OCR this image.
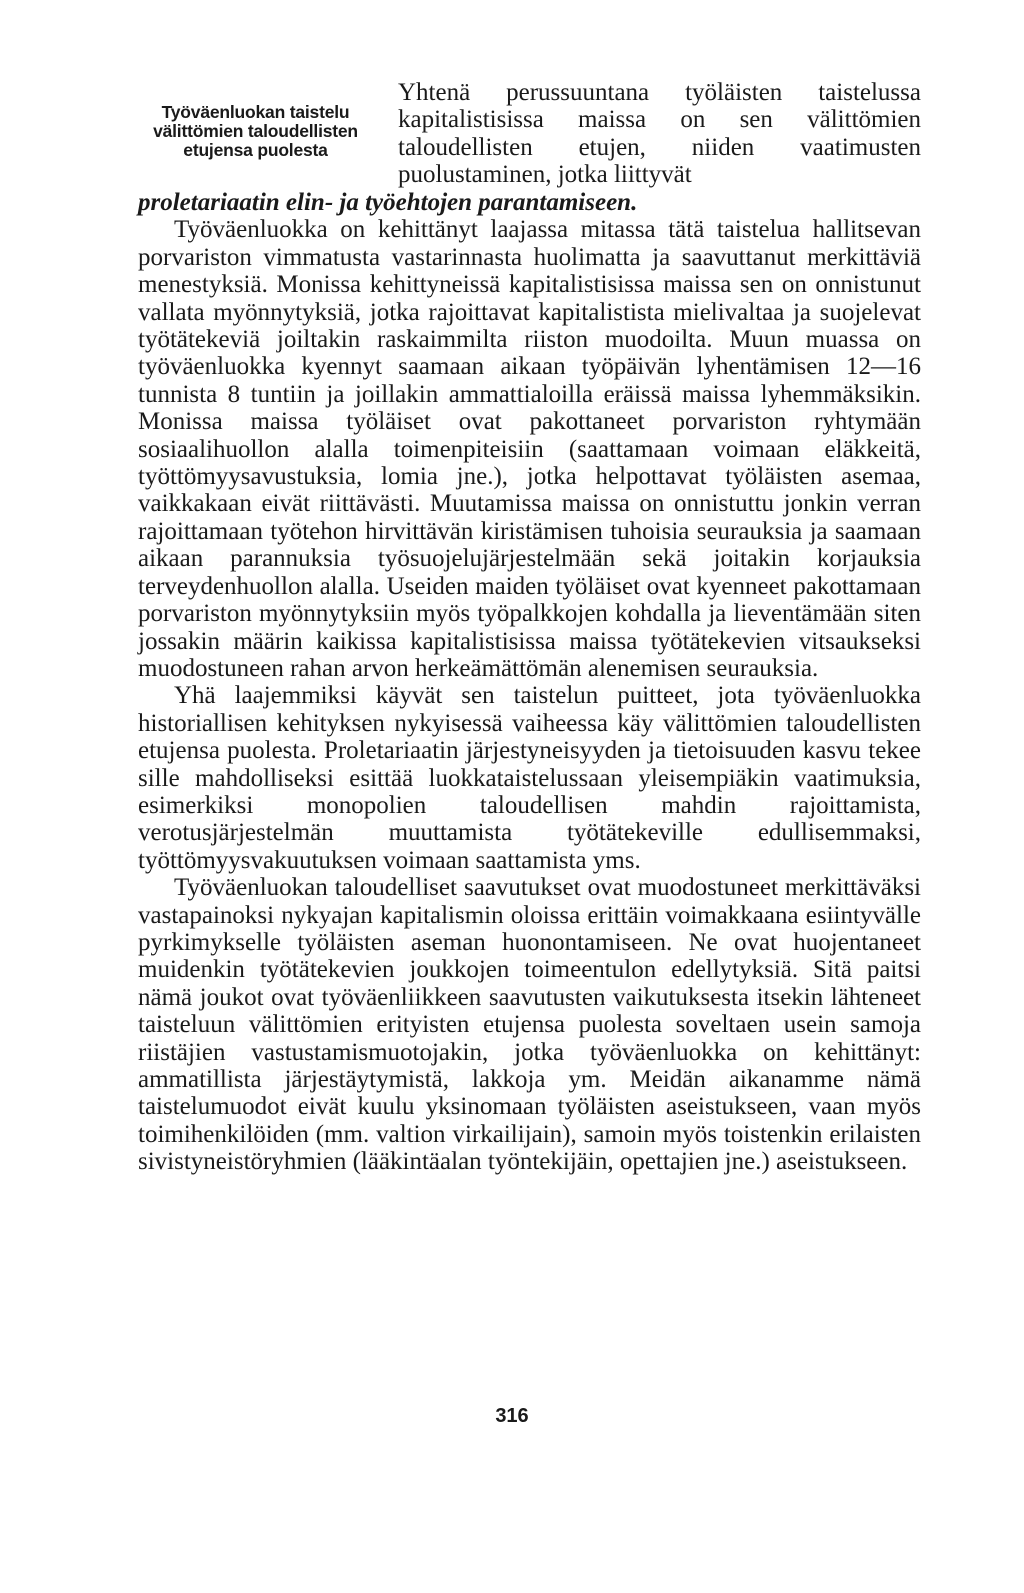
Työväenluokan taistelu välittömien taloudellisten etujensa puolesta
Yhtenä perussuuntana työläisten taistelussa kapitalistisissa maissa on sen välittömien taloudellisten etujen, niiden vaatimusten puolustaminen, jotka liittyvät

proletariaatin elin- ja työehtojen parantamiseen.

Työväenluokka on kehittänyt laajassa mitassa tätä taistelua hallitsevan porvariston vimmatusta vastarinnasta huolimatta ja saavuttanut merkittäviä menestyksiä. Monissa kehittyneissä kapitalistisissa maissa sen on onnistunut vallata myönnytyksiä, jotka rajoittavat kapitalistista mielivaltaa ja suojelevat työtätekeviä joiltakin raskaimmilta riiston muodoilta. Muun muassa on työväenluokka kyennyt saamaan aikaan työpäivän lyhentämisen 12—16 tunnista 8 tuntiin ja joillakin ammattialoilla eräissä maissa lyhemmäksikin. Monissa maissa työläiset ovat pakottaneet porvariston ryhtymään sosiaalihuollon alalla toimenpiteisiin (saattamaan voimaan eläkkeitä, työttömyysavustuksia, lomia jne.), jotka helpottavat työläisten asemaa, vaikkakaan eivät riittävästi. Muutamissa maissa on onnistuttu jonkin verran rajoittamaan työtehon hirvittävän kiristämisen tuhoisia seurauksia ja saamaan aikaan parannuksia työsuojelujärjestelmään sekä joitakin korjauksia terveydenhuollon alalla. Useiden maiden työläiset ovat kyenneet pakottamaan porvariston myönnytyksiin myös työpalkkojen kohdalla ja lieventämään siten jossakin määrin kaikissa kapitalistisissa maissa työtätekevien vitsaukseksi muodostuneen rahan arvon herkeämättömän alenemisen seurauksia.

Yhä laajemmiksi käyvät sen taistelun puitteet, jota työväenluokka historiallisen kehityksen nykyisessä vaiheessa käy välittömien taloudellisten etujensa puolesta. Proletariaatin järjestyneisyyden ja tietoisuuden kasvu tekee sille mahdolliseksi esittää luokkataistelussaan yleisempiäkin vaatimuksia, esimerkiksi monopolien taloudellisen mahdin rajoittamista, verotusjärjestelmän muuttamista työtätekeville edullisemmaksi, työttömyysvakuutuksen voimaan saattamista yms.

Työväenluokan taloudelliset saavutukset ovat muodostuneet merkittäväksi vastapainoksi nykyajan kapitalismin oloissa erittäin voimakkaana esiintyvälle pyrkimykselle työläisten aseman huonontamiseen. Ne ovat huojentaneet muidenkin työtätekevien joukkojen toimeentulon edellytyksiä. Sitä paitsi nämä joukot ovat työväenliikkeen saavutusten vaikutuksesta itsekin lähteneet taisteluun välittömien erityisten etujensa puolesta soveltaen usein samoja riistäjien vastustamismuotojakin, jotka työväenluokka on kehittänyt: ammatillista järjestäytymistä, lakkoja ym. Meidän aikanamme nämä taistelumuodot eivät kuulu yksinomaan työläisten aseistukseen, vaan myös toimihenkilöiden (mm. valtion virkailijain), samoin myös toistenkin erilaisten sivistyneistöryhmien (lääkintäalan työntekijäin, opettajien jne.) aseistukseen.

316
